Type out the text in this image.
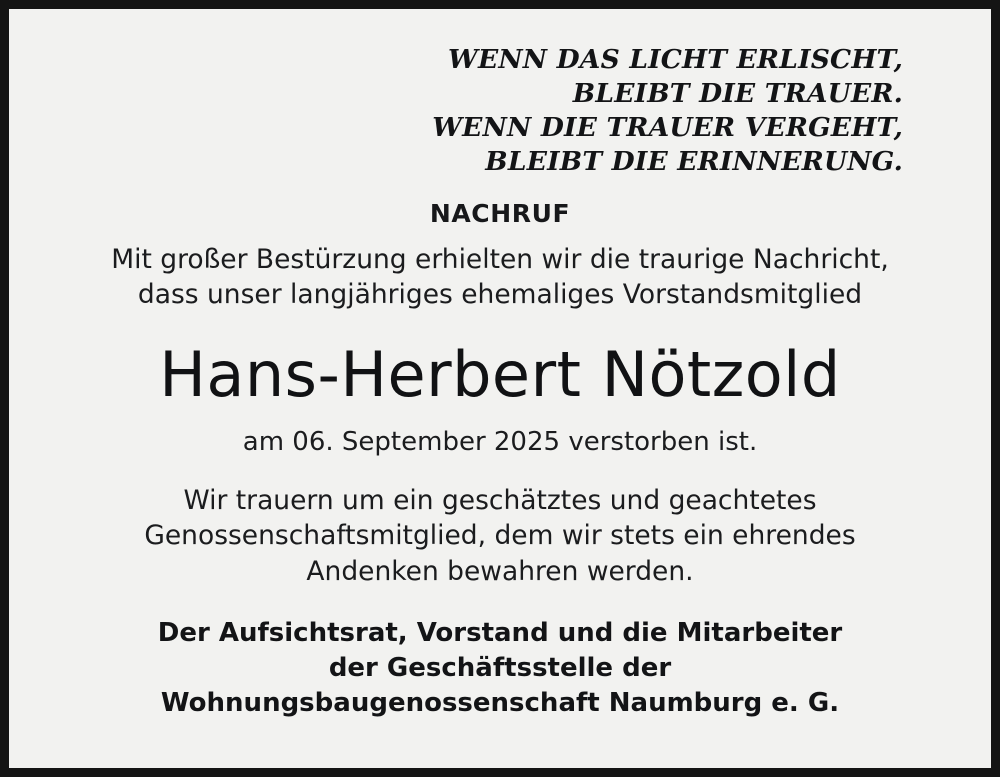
WENN DAS LICHT ERLISCHT,
BLEIBT DIE TRAUER.
WENN DIE TRAUER VERGEHT,
BLEIBT DIE ERINNERUNG.
NACHRUF
Mit großer Bestürzung erhielten wir die traurige Nachricht,
dass unser langjähriges ehemaliges Vorstandsmitglied
Hans-Herbert Nötzold
am 06. September 2025 verstorben ist.
Wir trauern um ein geschätztes und geachtetes
Genossenschaftsmitglied, dem wir stets ein ehrendes
Andenken bewahren werden.
Der Aufsichtsrat, Vorstand und die Mitarbeiter
der Geschäftsstelle der
Wohnungsbaugenossenschaft Naumburg e. G.
